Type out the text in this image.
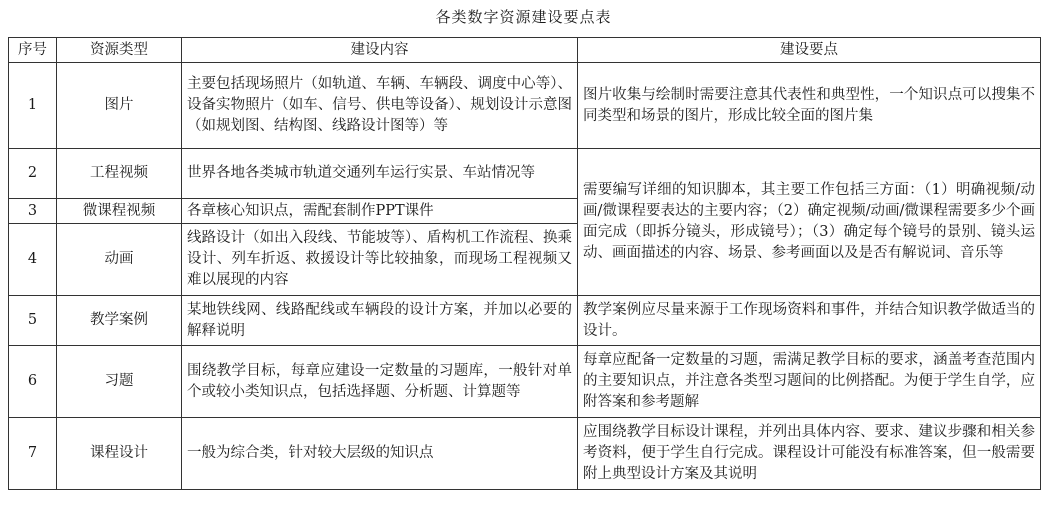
各类数字资源建设要点表
序号	资源类型	建设内容	建设要点
1	图片	主要包括现场照片（如轨道、车辆、车辆段、调度中心等）、设备实物照片（如车、信号、供电等设备）、规划设计示意图（如规划图、结构图、线路设计图等）等	图片收集与绘制时需要注意其代表性和典型性，一个知识点可以搜集不同类型和场景的图片，形成比较全面的图片集
2	工程视频	世界各地各类城市轨道交通列车运行实景、车站情况等	需要编写详细的知识脚本，其主要工作包括三方面：（1）明确视频/动画/微课程要表达的主要内容；（2）确定视频/动画/微课程需要多少个画面完成（即拆分镜头，形成镜号）；（3）确定每个镜号的景别、镜头运动、画面描述的内容、场景、参考画面以及是否有解说词、音乐等
3	微课程视频	各章核心知识点，需配套制作PPT课件	
4	动画	线路设计（如出入段线、节能坡等）、盾构机工作流程、换乘设计、列车折返、救援设计等比较抽象，而现场工程视频又难以展现的内容	
5	教学案例	某地铁线网、线路配线或车辆段的设计方案，并加以必要的解释说明	教学案例应尽量来源于工作现场资料和事件，并结合知识教学做适当的设计。
6	习题	围绕教学目标，每章应建设一定数量的习题库，一般针对单个或较小类知识点，包括选择题、分析题、计算题等	每章应配备一定数量的习题，需满足教学目标的要求，涵盖考查范围内的主要知识点，并注意各类型习题间的比例搭配。为便于学生自学，应附答案和参考题解
7	课程设计	一般为综合类，针对较大层级的知识点	应围绕教学目标设计课程，并列出具体内容、要求、建议步骤和相关参考资料，便于学生自行完成。课程设计可能没有标准答案，但一般需要附上典型设计方案及其说明
